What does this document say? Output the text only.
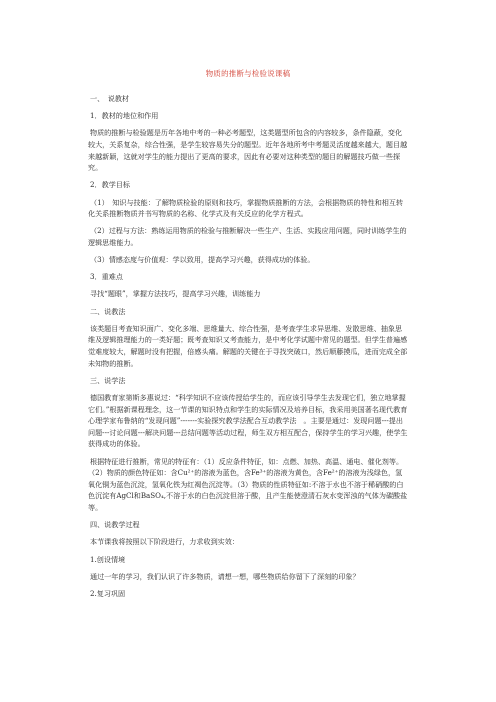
物质的推断与检验说课稿

一、　说教材

1．教材的地位和作用

物质的推断与检验题是历年各地中考的一种必考题型，这类题型所包含的内容较多，条件隐蔽，变化较大，关系复杂，综合性强，是学生较容易失分的题型。近年各地所考中考题灵活度越来越大，题目越来越新颖，这就对学生的能力提出了更高的要求，因此有必要对这种类型的题目的解题技巧做一些探究。

2．教学目标

（1）　知识与技能：了解物质检验的原则和技巧，掌握物质推断的方法，会根据物质的特性和相互转化关系推断物质并书写物质的名称、化学式及有关反应的化学方程式。

（2）过程与方法：熟练运用物质的检验与推断解决一些生产、生活、实践应用问题，同时训练学生的逻辑思维能力。

（3）情感态度与价值观：学以致用，提高学习兴趣，获得成功的体验。

3．重难点

寻找“题眼”，掌握方法技巧，提高学习兴趣，训练能力

二、说教法

该类题目考查知识面广、变化多端、思维量大、综合性强，是考查学生求异思维、发散思维、抽象思维及逻辑推理能力的一类好题；既考查知识又考查能力，是中考化学试题中常见的题型。但学生普遍感觉难度较大，解题时没有把握，倍感头痛。解题的关键在于寻找突破口，然后顺藤摸瓜，进而完成全部未知物的推断。

三、说学法

德国教育家第斯多惠说过：“科学知识不应该传授给学生的，而应该引导学生去发现它们，独立地掌握它们。”根据新课程理念，这一节课的知识特点和学生的实际情况及培养目标，我采用美国著名现代教育心理学家布鲁纳的“发现问题”-------实验探究教学法配合互动教学法　。主要是通过：发现问题---提出问题---讨论问题---解决问题---总结问题等活动过程，师生双方相互配合，保持学生的学习兴趣，使学生获得成功的体验。

根据特征进行推断，常见的特征有：（1）反应条件特征，如：点燃、加热、高温、通电、催化剂等。（2）物质的颜色特征如：含Cu²⁺的溶液为蓝色，含Fe³⁺的溶液为黄色，含Fe²⁺的溶液为浅绿色，氢氧化铜为蓝色沉淀，氢氧化铁为红褐色沉淀等。（3）物质的性质特征如:不溶于水也不溶于稀硝酸的白色沉淀有AgCl和BaSO₄,不溶于水的白色沉淀但溶于酸，且产生能使澄清石灰水变浑浊的气体为碳酸盐等。

四、说教学过程

本节课我将按照以下阶段进行，力求收到实效：

1.创设情境

通过一年的学习，我们认识了许多物质，请想一想，哪些物质给你留下了深刻的印象？

2.复习巩固
